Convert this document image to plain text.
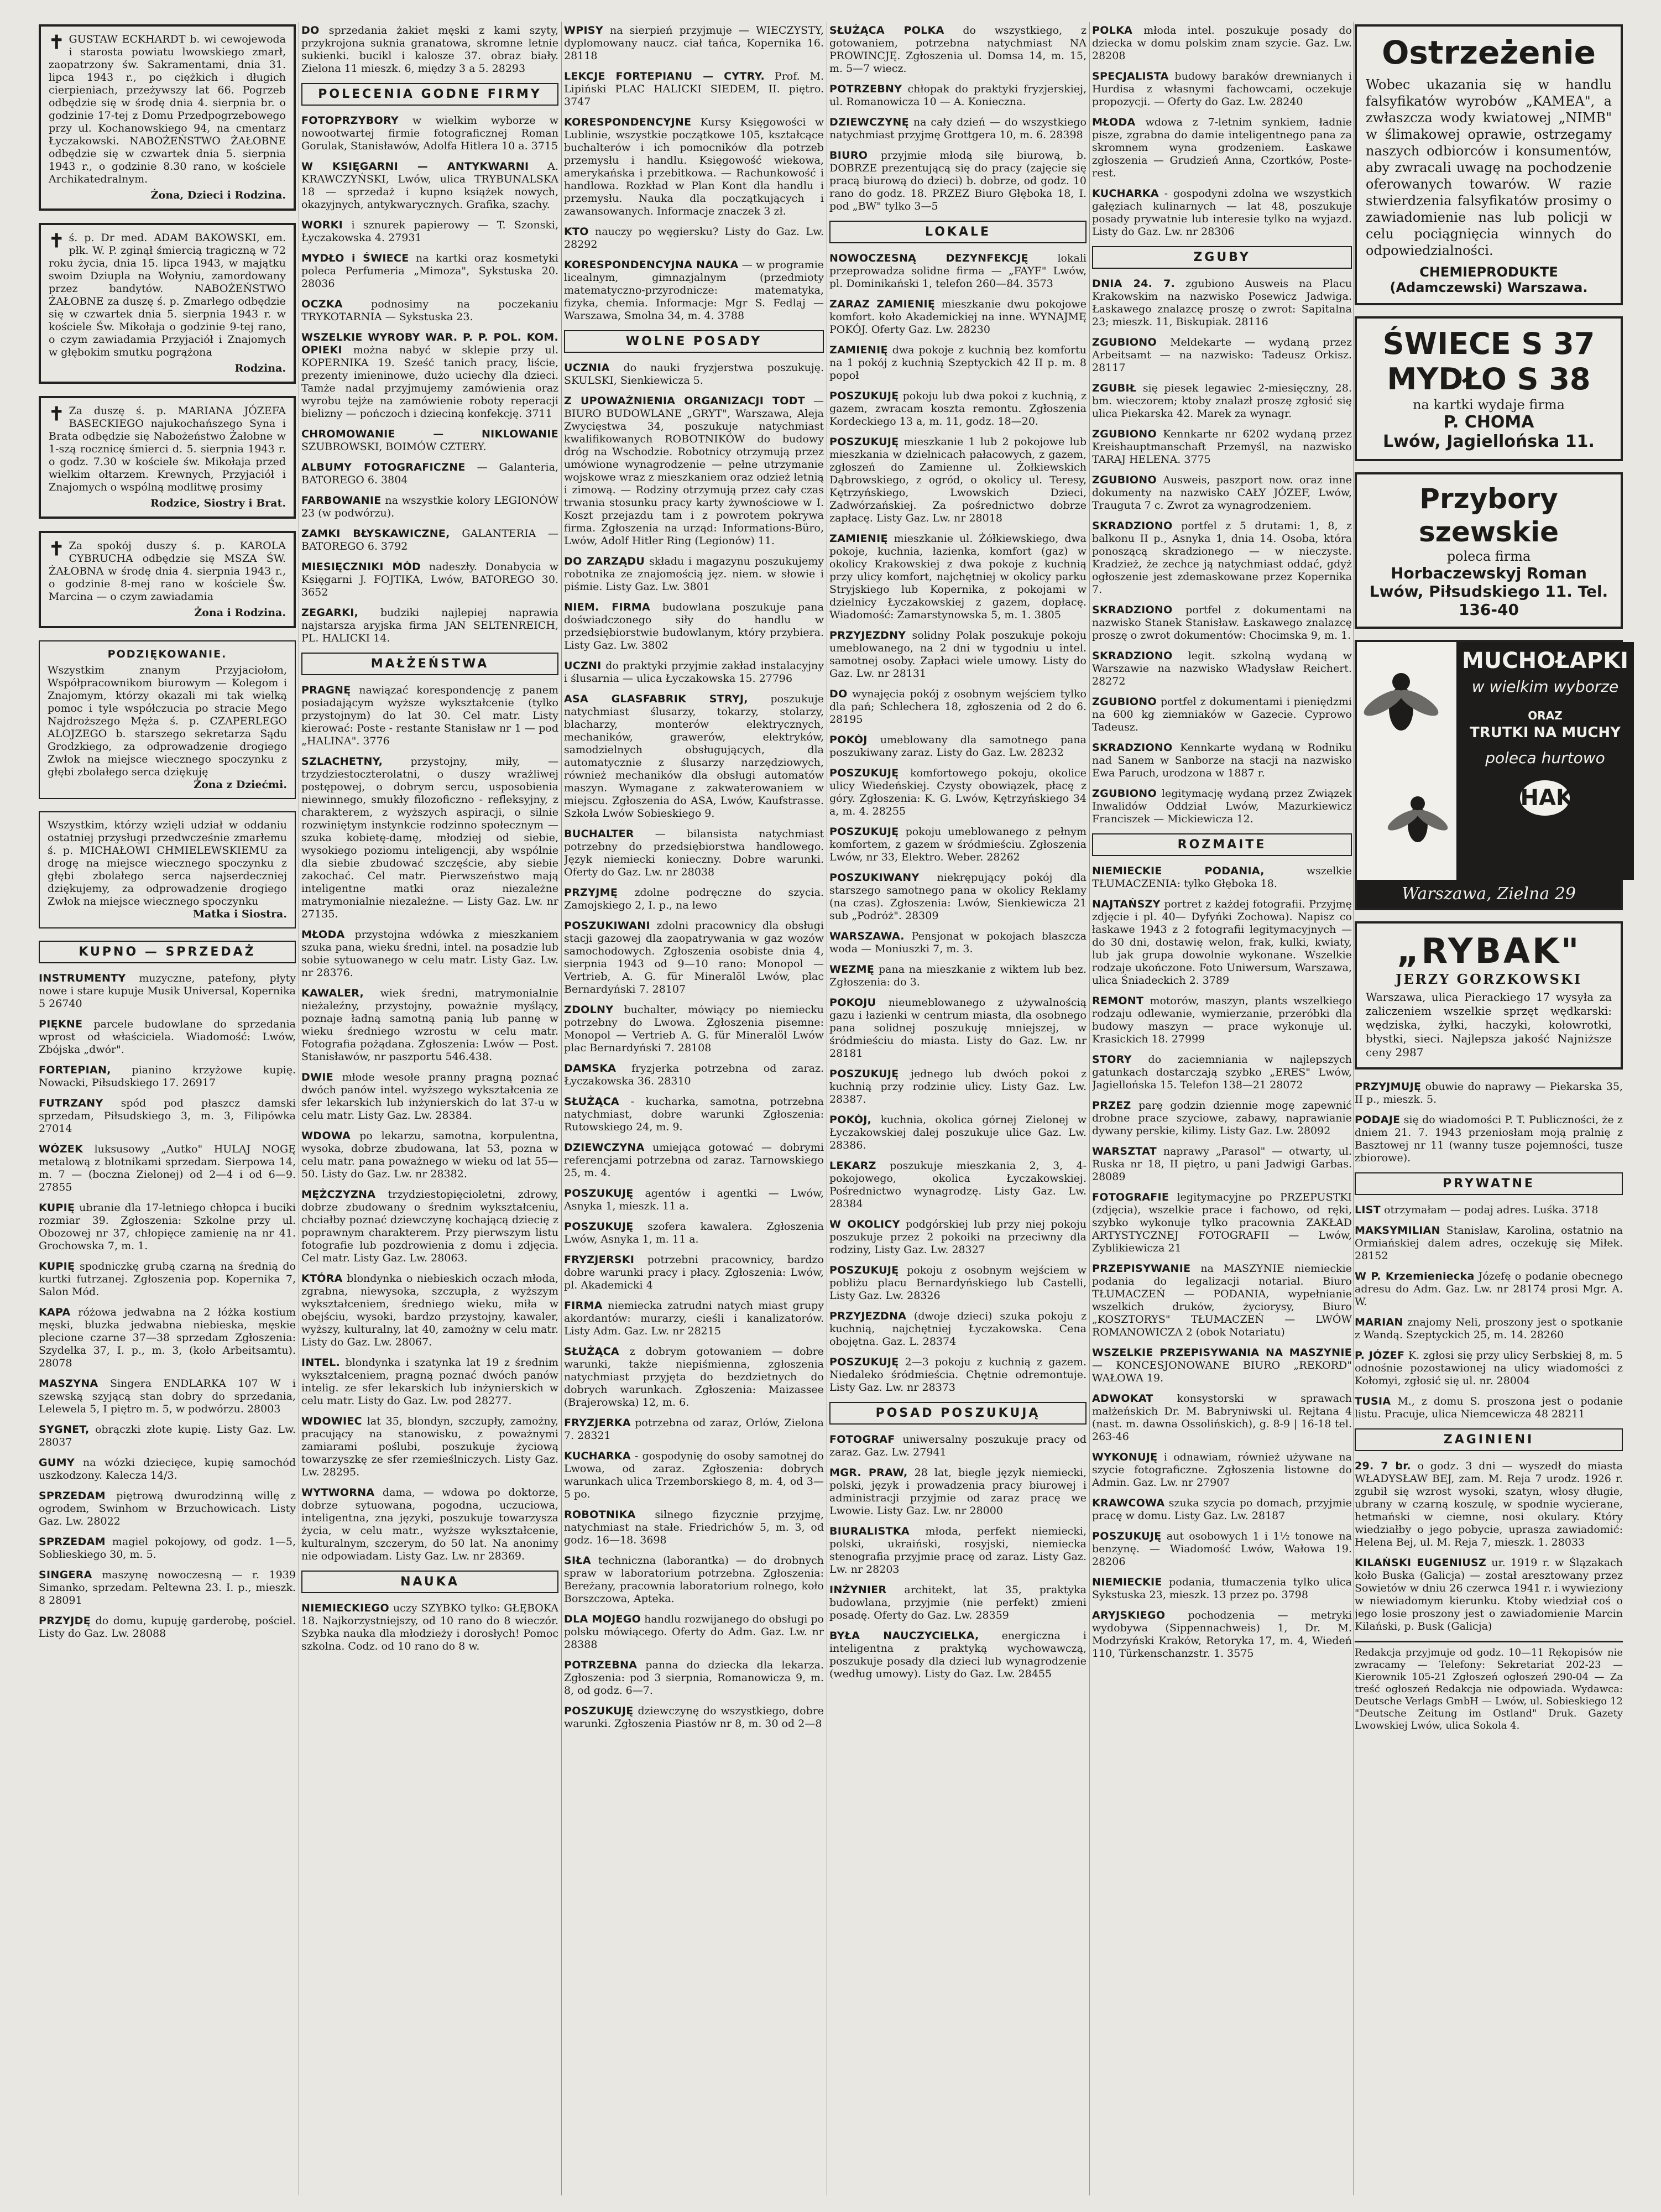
✝ GUSTAW ECKHARDT b. wi cewojewoda i starosta powiatu lwowskiego zmarł, zaopatrzony św. Sakramentami, dnia 31. lipca 1943 r., po ciężkich i długich cierpieniach, przeżywszy lat 66. Pogrzeb odbędzie się w środę dnia 4. sierpnia br. o godzinie 17-tej z Domu Przedpogrzebowego przy ul. Kochanowskiego 94, na cmentarz Łyczakowski. NABOŻEŃSTWO ŻAŁOBNE odbędzie się w czwartek dnia 5. sierpnia 1943 r., o godzinie 8.30 rano, w kościele Archikatedralnym.
Żona, Dzieci i Rodzina.
✝ ś. p. Dr med. ADAM BAKOWSKI, em. płk. W. P. zginął śmiercią tragiczną w 72 roku życia, dnia 15. lipca 1943, w majątku swoim Dziupla na Wołyniu, zamordowany przez bandytów. NABOŻEŃSTWO ŻAŁOBNE za duszę ś. p. Zmarłego odbędzie się w czwartek dnia 5. sierpnia 1943 r. w kościele Św. Mikołaja o godzinie 9-tej rano, o czym zawiadamia Przyjaciół i Znajomych w głębokim smutku pogrążona
Rodzina.
✝ Za duszę ś. p. MARIANA JÓZEFA BASECKIEGO najukochańszego Syna i Brata odbędzie się Nabożeństwo Żałobne w 1-szą rocznicę śmierci d. 5. sierpnia 1943 r. o godz. 7.30 w kościele św. Mikołaja przed wielkim ołtarzem. Krewnych, Przyjaciół i Znajomych o wspólną modlitwę prosimy
Rodzice, Siostry i Brat.
✝ Za spokój duszy ś. p. KAROLA CYBRUCHA odbędzie się MSZA ŚW. ŻAŁOBNA w środę dnia 4. sierpnia 1943 r., o godzinie 8-mej rano w kościele Św. Marcina — o czym zawiadamia
Żona i Rodzina.
PODZIĘKOWANIE.
Wszystkim znanym Przyjaciołom, Współpracownikom biurowym — Kolegom i Znajomym, którzy okazali mi tak wielką pomoc i tyle współczucia po stracie Mego Najdroższego Męża ś. p. CZAPERLEGO ALOJZEGO b. starszego sekretarza Sądu Grodzkiego, za odprowadzenie drogiego Zwłok na miejsce wiecznego spoczynku z głębi zbolałego serca dziękuję
Żona z Dziećmi.
Wszystkim, którzy wzięli udział w oddaniu ostatniej przysługi przedwcześnie zmarłemu ś. p. MICHAŁOWI CHMIELEWSKIEMU za drogę na miejsce wiecznego spoczynku z głębi zbolałego serca najserdeczniej dziękujemy, za odprowadzenie drogiego Zwłok na miejsce wiecznego spoczynku
Matka i Siostra.
KUPNO — SPRZEDAŻ
INSTRUMENTY muzyczne, patefony, płyty nowe i stare kupuje Musik Universal, Kopernika 5 26740
PIĘKNE parcele budowlane do sprzedania wprost od właściciela. Wiadomość: Lwów, Zbójska „dwór".
FORTEPIAN, pianino krzyżowe kupię. Nowacki, Piłsudskiego 17. 26917
FUTRZANY spód pod płaszcz damski sprzedam, Piłsudskiego 3, m. 3, Filipówka 27014
WÓZEK luksusowy „Autko" HULAJ NOGĘ metalową z blotnikami sprzedam. Sierpowa 14, m. 7 — (boczna Zielonej) od 2—4 i od 6—9. 27855
KUPIĘ ubranie dla 17-letniego chłopca i buciki rozmiar 39. Zgłoszenia: Szkolne przy ul. Obozowej nr 37, chłopięce zamienię na nr 41. Grochowska 7, m. 1.
KUPIĘ spodniczkę grubą czarną na średnią do kurtki futrzanej. Zgłoszenia pop. Kopernika 7, Salon Mód.
KAPA różowa jedwabna na 2 łóżka kostium męski, bluzka jedwabna niebieska, męskie plecione czarne 37—38 sprzedam Zgłoszenia: Szydelka 37, I. p., m. 3, (koło Arbeitsamtu). 28078
MASZYNA Singera ENDLARKA 107 W i szewską szyjącą stan dobry do sprzedania, Lelewela 5, I piętro m. 5, w podwórzu. 28003
SYGNET, obrączki złote kupię. Listy Gaz. Lw. 28037
GUMY na wózki dziecięce, kupię samochód uszkodzony. Kalecza 14/3.
SPRZEDAM piętrową dwurodzinną willę z ogrodem, Swinhom w Brzuchowicach. Listy Gaz. Lw. 28022
SPRZEDAM magiel pokojowy, od godz. 1—5, Soblieskiego 30, m. 5.
SINGERA maszynę nowoczesną — r. 1939 Simanko, sprzedam. Peltewna 23. I. p., mieszk. 8 28091
PRZYJDĘ do domu, kupuję garderobę, pościel. Listy do Gaz. Lw. 28088
DO sprzedania żakiet męski z kami szyty, przykrojona suknia granatowa, skromne letnie sukienki. bucikl i kalosze 37. obraz biały. Zielona 11 mieszk. 6, między 3 a 5. 28293
POLECENIA GODNE FIRMY
FOTOPRZYBORY w wielkim wyborze w nowootwartej firmie fotograficznej Roman Gorulak, Stanisławów, Adolfa Hitlera 10 a. 3715
W KSIĘGARNI — ANTYKWARNI A. KRAWCZYŃSKI, Lwów, ulica TRYBUNALSKA 18 — sprzedaż i kupno książek nowych, okazyjnych, antykwarycznych. Grafika, szachy.
WORKI i sznurek papierowy — T. Szonski, Łyczakowska 4. 27931
MYDŁO i ŚWIECE na kartki oraz kosmetyki poleca Perfumeria „Mimoza", Sykstuska 20. 28036
OCZKA	podnosimy na poczekaniu TRYKOTARNIA — Sykstuska 23.
WSZELKIE WYROBY WAR. P. P. POL. KOM. OPIEKI można nabyć w sklepie przy ul. KOPERNIKA 19. Sześć tanich pracy, liście, prezenty imieninowe, dużo uciechy dla dzieci. Tamże nadal przyjmujemy zamówienia oraz wyrobu tejże na zamówienie roboty reperacji bielizny — pończoch i dzieciną konfekcję. 3711
CHROMOWANIE — NIKLOWANIE SZUBROWSKI, BOIMÓW CZTERY.
ALBUMY FOTOGRAFICZNE — Galanteria, BATOREGO 6. 3804
FARBOWANIE na wszystkie kolory LEGIONÓW 23 (w podwórzu).
ZAMKI BŁYSKAWICZNE, GALANTERIA — BATOREGO 6. 3792
MIESIĘCZNIKI MÓD nadeszły. Donabycia w Księgarni J. FOJTIKA, Lwów, BATOREGO 30. 3652
ZEGARKI, budziki najlepiej naprawia najstarsza aryjska firma JAN SELTENREICH, PL. HALICKI 14.
MAŁŻEŃSTWA
PRAGNĘ nawiązać korespondencję z panem posiadającym wyższe wykształcenie (tylko przystojnym) do lat 30. Cel matr. Listy kierować: Poste - restante Stanisław nr 1 — pod „HALINA". 3776
SZLACHETNY,	przystojny, miły, — trzydziestoczterolatni, o duszy wrażliwej postępowej, o dobrym sercu, usposobienia niewinnego, smukły filozoficzno - refleksyjny, z charakterem, z wyższych aspiracji, o silnie rozwiniętym instynkcie rodzinno społecznym — szuka kobietę-damę, młodziej od siebie, wysokiego poziomu inteligencji, aby wspólnie dla siebie zbudować szczęście, aby siebie zakochać. Cel matr. Pierwszeństwo mają inteligentne matki oraz niezależne matrymonialnie niezależne. — Listy Gaz. Lw. nr 27135.
MŁODA przystojna wdówka z mieszkaniem szuka pana, wieku średni, intel. na posadzie lub sobie sytuowanego w celu matr. Listy Gaz. Lw. nr 28376.
KAWALER, wiek średni, matrymonialnie nieżaleźny, przystojny, poważnie myślący, poznaje ładną samotną panią lub pannę w wieku średniego wzrostu w celu matr. Fotografia pożądana. Zgłoszenia: Lwów — Post. Stanisławów, nr paszportu 546.438.
DWIE młode wesołe pranny pragną poznać dwóch panów intel. wyższego wykształcenia ze sfer lekarskich lub inżynierskich do lat 37-u w celu matr. Listy Gaz. Lw. 28384.
WDOWA po lekarzu, samotna, korpulentna, wysoka, dobrze zbudowana, lat 53, pozna w celu matr. pana poważnego w wieku od lat 55—50. Listy do Gaz. Lw. nr 28382.
MĘŻCZYZNA trzydziestopięcioletni, zdrowy, dobrze zbudowany o średnim wykształceniu, chciałby poznać dziewczynę kochającą dziecię z poprawnym charakterem. Przy pierwszym listu fotografie lub pozdrowienia z domu i zdjęcia. Cel matr. Listy Gaz. Lw. 28063.
KTÓRA blondynka o niebieskich oczach młoda, zgrabna, niewysoka, szczupła, z wyższym wykształceniem, średniego wieku, miła w obejściu, wysoki, bardzo przystojny, kawaler, wyższy, kulturalny, lat 40, zamożny w celu matr. Listy do Gaz. Lw. 28067.
INTEL. blondynka i szatynka lat 19 z średnim wykształceniem, pragną poznać dwóch panów intelig. ze sfer lekarskich lub inżynierskich w celu matr. Listy do Gaz. Lw. pod 28277.
WDOWIEC lat 35, blondyn, szczupły, zamożny, pracujący na stanowisku, z poważnymi zamiarami poślubi, poszukuje życiową towarzyszkę ze sfer rzemieślniczych. Listy Gaz. Lw. 28295.
WYTWORNA dama, — wdowa po doktorze, dobrze sytuowana, pogodna, uczuciowa, inteligentna, zna języki, poszukuje towarzysza życia, w celu matr., wyższe wykształcenie, kulturalnym, szczerym, do 50 lat. Na anonimy nie odpowiadam. Listy Gaz. Lw. nr 28369.
NAUKA
NIEMIECKIEGO uczy SZYBKO tylko: GŁĘBOKA 18. Najkorzystniejszy, od 10 rano do 8 wieczór. Szybka nauka dla młodzieży i dorosłych! Pomoc szkolna. Codz. od 10 rano do 8 w.
WPISY na sierpień przyjmuje — WIECZYSTY, dyplomowany naucz. ciał tańca, Kopernika 16. 28118
LEKCJE FORTEPIANU — CYTRY. Prof. M. Lipiński PLAC HALICKI SIEDEM, II. piętro. 3747
KORESPONDENCYJNE Kursy Księgowości w Lublinie, wszystkie początkowe 105, kształcące buchalterów i ich pomocników dla potrzeb przemysłu i handlu. Księgowość wiekowa, amerykańska i przebitkowa. — Rachunkowość i handlowa. Rozkład w Plan Kont dla handlu i przemysłu. Nauka dla początkujących i zawansowanych. Informacje znaczek 3 zł.
KTO nauczy po węgiersku? Listy do Gaz. Lw. 28292
KORESPONDENCYJNA NAUKA — w programie licealnym, gimnazjalnym (przedmioty matematyczno-przyrodnicze: matematyka, fizyka, chemia. Informacje: Mgr S. Fedlaj — Warszawa, Smolna 34, m. 4. 3788
WOLNE POSADY
UCZNIA do nauki fryzjerstwa poszukuję. SKULSKI, Sienkiewicza 5.
Z UPOWAŻNIENIA ORGANIZACJI TODT — BIURO BUDOWLANE „GRYT", Warszawa, Aleja Zwycięstwa 34, poszukuje natychmiast kwalifikowanych ROBOTNIKÓW do budowy dróg na Wschodzie. Robotnicy otrzymują przez umówione wynagrodzenie — pełne utrzymanie wojskowe wraz z mieszkaniem oraz odzież letnią i zimową. — Rodziny otrzymują przez cały czas trwania stosunku pracy karty żywnościowe w I. Koszt przejazdu tam i z powrotem pokrywa firma. Zgłoszenia na urząd: Informations-Büro, Lwów, Adolf Hitler Ring (Legionów) 11.
DO ZARZĄDU składu i magazynu poszukujemy robotnika ze znajomością jęz. niem. w słowie i piśmie. Listy Gaz. Lw. 3801
NIEM. FIRMA budowlana poszukuje pana doświadczonego siły do handlu w przedsiębiorstwie budowlanym, który przybiera. Listy Gaz. Lw. 3802
UCZNI do praktyki przyjmie zakład instalacyjny i ślusarnia — ulica Łyczakowska 15. 27796
ASA GLASFABRIK STRYJ, poszukuje natychmiast ślusarzy, tokarzy, stolarzy, blacharzy, monterów elektrycznych, mechaników, grawerów, elektryków, samodzielnych obsługujących, dla automatycznie z ślusarzy narzędziowych, również mechaników dla obsługi automatów maszyn. Wymagane z zakwaterowaniem w miejscu. Zgłoszenia do ASA, Lwów, Kaufstrasse. Szkoła Lwów Sobieskiego 9.
BUCHALTER — bilansista natychmiast potrzebny do przedsiębiorstwa handlowego. Język niemiecki konieczny. Dobre warunki. Oferty do Gaz. Lw. nr 28038
PRZYJMĘ zdolne podręczne do szycia. Zamojskiego 2, I. p., na lewo
POSZUKIWANI zdolni pracownicy dla obsługi stacji gazowej dla zaopatrywania w gaz wozów samochodowych. Zgłoszenia osobiste dnia 4, sierpnia 1943 od 9—10 rano: Monopol — Vertrieb, A. G. für Mineralöl Lwów, plac Bernardyński 7. 28107
ZDOLNY buchalter, mówiący po niemiecku potrzebny do Lwowa. Zgłoszenia pisemne: Monopol — Vertrieb A. G. für Mineralöl Lwów plac Bernardyński 7. 28108
DAMSKA fryzjerka potrzebna od zaraz. Łyczakowska 36. 28310
SŁUŻĄCA - kucharka, samotna, potrzebna natychmiast, dobre warunki Zgłoszenia: Rutowskiego 24, m. 9.
DZIEWCZYNA umiejąca gotować — dobrymi referencjami potrzebna od zaraz. Tarnowskiego 25, m. 4.
POSZUKUJĘ agentów i agentki — Lwów, Asnyka 1, mieszk. 11 a.
POSZUKUJĘ szofera kawalera. Zgłoszenia Lwów, Asnyka 1, m. 11 a.
FRYZJERSKI potrzebni pracownicy, bardzo dobre warunki pracy i płacy. Zgłoszenia: Lwów, pl. Akademicki 4
FIRMA niemiecka zatrudni natych miast grupy akordantów: murarzy, cieśli i kanalizatorów. Listy Adm. Gaz. Lw. nr 28215
SŁUŻĄCA z dobrym gotowaniem — dobre warunki, także niepiśmienna, zgłoszenia natychmiast przyjęta do bezdzietnych do dobrych warunkach. Zgłoszenia: Maizassee (Brajerowska) 12, m. 6.
FRYZJERKA potrzebna od zaraz, Orlów, Zielona 7. 28321
KUCHARKA - gospodynię do osoby samotnej do Lwowa, od zaraz. Zgłoszenia: dobrych warunkach ulica Trzemborskiego 8, m. 4, od 3—5 po.
ROBOTNIKA silnego fizycznie przyjmę, natychmiast na stałe. Friedrichów 5, m. 3, od godz. 16—18. 3698
SIŁA techniczna (laborantka) — do drobnych spraw w laboratorium potrzebna. Zgłoszenia: Bereżany, pracownia laboratorium rolnego, koło Borszczowa, Apteka.
DLA MOJEGO handlu rozwijanego do obsługi po polsku mówiącego. Oferty do Adm. Gaz. Lw. nr 28388
POTRZEBNA panna do dziecka dla lekarza. Zgłoszenia: pod 3 sierpnia, Romanowicza 9, m. 8, od godz. 6—7.
POSZUKUJĘ dziewczynę do wszystkiego, dobre warunki. Zgłoszenia Piastów nr 8, m. 30 od 2—8
SŁUŻĄCA POLKA do wszystkiego, z gotowaniem, potrzebna natychmiast NA PROWINCJĘ. Zgłoszenia ul. Domsa 14, m. 15, m. 5—7 wiecz.
POTRZEBNY chłopak do praktyki fryzjerskiej, ul. Romanowicza 10 — A. Konieczna.
DZIEWCZYNĘ na cały dzień — do wszystkiego natychmiast przyjmę Grottgera 10, m. 6. 28398
BIURO przyjmie młodą siłę biurową, b. DOBRZE prezentującą się do pracy (zajęcie się pracą biurową do dzieci) b. dobrze, od godz. 10 rano do godz. 18. PRZEZ Biuro Głęboka 18, I. pod „BW" tylko 3—5
LOKALE
NOWOCZESNĄ DEZYNFEKCJĘ	lokali przeprowadza solidne firma — „FAYF" Lwów, pl. Dominikański 1, telefon 260—84. 3573
ZARAZ ZAMIENIĘ mieszkanie dwu pokojowe komfort. koło Akademickiej na inne. WYNAJMĘ POKÓJ. Oferty Gaz. Lw. 28230
ZAMIENIĘ dwa pokoje z kuchnią bez komfortu na 1 pokój z kuchnią Szeptyckich 42 II p. m. 8 popoł
POSZUKUJĘ pokoju lub dwa pokoi z kuchnią, z gazem, zwracam koszta remontu. Zgłoszenia Kordeckiego 13 a, m. 11, godz. 18—20.
POSZUKUJĘ mieszkanie 1 lub 2 pokojowe lub mieszkania w dzielnicach pałacowych, z gazem, zgłoszeń do Zamienne ul. Żołkiewskich Dąbrowskiego, z ogród, o okolicy ul. Teresy, Kętrzyńskiego, Lwowskich Dzieci, Zadwórzańskiej. Za pośrednictwo dobrze zapłacę. Listy Gaz. Lw. nr 28018
ZAMIENIĘ mieszkanie ul. Żółkiewskiego, dwa pokoje, kuchnia, łazienka, komfort (gaz) w okolicy Krakowskiej z dwa pokoje z kuchnią przy ulicy komfort, najchętniej w okolicy parku Stryjskiego lub Kopernika, z pokojami w dzielnicy Łyczakowskiej z gazem, dopłacę. Wiadomość: Zamarstynowska 5, m. 1. 3805
PRZYJEZDNY solidny Polak poszukuje pokoju umeblowanego, na 2 dni w tygodniu u intel. samotnej osoby. Zapłaci wiele umowy. Listy do Gaz. Lw. nr 28131
DO wynajęcia pokój z osobnym wejściem tylko dla pań; Schlechera 18, zgłoszenia od 2 do 6. 28195
POKÓJ umeblowany dla samotnego pana poszukiwany zaraz. Listy do Gaz. Lw. 28232
POSZUKUJĘ komfortowego pokoju, okolice ulicy Wiedeńskiej. Czysty obowiązek, płacę z góry. Zgłoszenia: K. G. Lwów, Kętrzyńskiego 34 a, m. 4. 28255
POSZUKUJĘ pokoju umeblowanego z pełnym komfortem, z gazem w śródmieściu. Zgłoszenia Lwów, nr 33, Elektro. Weber. 28262
POSZUKIWANY niekrępujący pokój dla starszego samotnego pana w okolicy Reklamy (na czas). Zgłoszenia: Lwów, Sienkiewicza 21 sub „Podróż". 28309
WARSZAWA. Pensjonat w pokojach blaszcza woda — Moniuszki 7, m. 3.
WEZMĘ pana na mieszkanie z wiktem lub bez. Zgłoszenia: do 3.
POKOJU nieumeblowanego z używalnością gazu i łazienki w centrum miasta, dla osobnego pana solidnej poszukuję mniejszej, w śródmieściu do miasta. Listy do Gaz. Lw. nr 28181
POSZUKUJĘ jednego lub dwóch pokoi z kuchnią przy rodzinie ulicy. Listy Gaz. Lw. 28387.
POKÓJ, kuchnia, okolica górnej Zielonej w Łyczakowskiej dalej poszukuje ulice Gaz. Lw. 28386.
LEKARZ poszukuje mieszkania 2, 3, 4-pokojowego, okolica Łyczakowskiej. Pośrednictwo wynagrodzę. Listy Gaz. Lw. 28384
W OKOLICY podgórskiej lub przy niej pokoju poszukuje przez 2 pokoiki na przeciwny dla rodziny, Listy Gaz. Lw. 28327
POSZUKUJĘ pokoju z osobnym wejściem w pobliżu placu Bernardyńskiego lub Castelli, Listy Gaz. Lw. 28326
PRZYJEZDNA (dwoje dzieci) szuka pokoju z kuchnią, najchętniej Łyczakowska. Cena obojętna. Gaz. L. 28374
POSZUKUJĘ 2—3 pokoju z kuchnią z gazem. Niedaleko śródmieścia. Chętnie odremontuje. Listy Gaz. Lw. nr 28373
POSAD POSZUKUJĄ
FOTOGRAF uniwersalny poszukuje pracy od zaraz. Gaz. Lw. 27941
MGR. PRAW, 28 lat, biegle język niemiecki, polski, język i prowadzenia pracy biurowej i administracji przyjmie od zaraz pracę we Lwowie. Listy Gaz. Lw. nr 28000
BIURALISTKA młoda, perfekt niemiecki, polski, ukraiński, rosyjski, niemiecka stenografia przyjmie pracę od zaraz. Listy Gaz. Lw. nr 28203
INŻYNIER architekt, lat 35, praktyka budowlana, przyjmie (nie perfekt) zmieni posadę. Oferty do Gaz. Lw. 28359
BYŁA NAUCZYCIELKA, energiczna i inteligentna z praktyką wychowawczą, poszukuje posady dla dzieci lub wynagrodzenie (według umowy). Listy do Gaz. Lw. 28455
POLKA młoda intel. poszukuje posady do dziecka w domu polskim znam szycie. Gaz. Lw. 28208
SPECJALISTA budowy baraków drewnianych i Hurdisa z własnymi fachowcami, oczekuje propozycji. — Oferty do Gaz. Lw. 28240
MŁODA wdowa z 7-letnim synkiem, ładnie pisze, zgrabna do damie inteligentnego pana za skromnem wyna grodzeniem. Łaskawe zgłoszenia — Grudzień Anna, Czortków, Poste-rest.
KUCHARKA - gospodyni zdolna we wszystkich gałęziach kulinarnych — lat 48, poszukuje posady prywatnie lub interesie tylko na wyjazd. Listy do Gaz. Lw. nr 28306
ZGUBY
DNIA 24. 7. zgubiono Ausweis na Placu Krakowskim na nazwisko Posewicz Jadwiga. Łaskawego znalazcę proszę o zwrot: Sapitalna 23; mieszk. 11, Biskupiak. 28116
ZGUBIONO Meldekarte — wydaną przez Arbeitsamt — na nazwisko: Tadeusz Orkisz. 28117
ZGUBIŁ się piesek legawiec 2-miesięczny, 28. bm. wieczorem; ktoby znalazł proszę zgłosić się ulica Piekarska 42. Marek za wynagr.
ZGUBIONO Kennkarte nr 6202 wydaną przez Kreishauptmanschaft Przemyśl, na nazwisko TARAJ HELENA. 3775
ZGUBIONO Ausweis, paszport now. oraz inne dokumenty na nazwisko CAŁY JÓZEF, Lwów, Trauguta 7 c. Zwrot za wynagrodzeniem.
SKRADZIONO portfel z 5 drutami: 1, 8, z balkonu II p., Asnyka 1, dnia 14. Osoba, która ponoszącą skradzionego — w nieczyste. Kradzież, że zechce ją natychmiast oddać, gdyż ogłoszenie jest zdemaskowane przez Kopernika 7.
SKRADZIONO portfel z dokumentami na nazwisko Stanek Stanisław. Łaskawego znalazcę proszę o zwrot dokumentów: Chocimska 9, m. 1.
SKRADZIONO legit. szkolną wydaną w Warszawie na nazwisko Władysław Reichert. 28272
ZGUBIONO portfel z dokumentami i pieniędzmi na 600 kg ziemniaków w Gazecie. Cyprowo Tadeusz.
SKRADZIONO Kennkarte wydaną w Rodniku nad Sanem w Sanborze na stacji na nazwisko Ewa Paruch, urodzona w 1887 r.
ZGUBIONO legitymację wydaną przez Związek Inwalidów Oddział Lwów, Mazurkiewicz Franciszek — Mickiewicza 12.
ROZMAITE
NIEMIECKIE PODANIA,	wszelkie TŁUMACZENIA: tylko Głęboka 18.
NAJTAŃSZY portret z każdej fotografii. Przyjmę zdjęcie i pl. 40— Dyfyńki Zochowa). Napisz co łaskawe 1943 z 2 fotografii legitymacyjnych — do 30 dni, dostawię welon, frak, kulki, kwiaty, lub jak grupa dowolnie wykonane. Wszelkie rodzaje ukończone. Foto Uniwersum, Warszawa, ulica Śniadeckich 2. 3789
REMONT motorów, maszyn, plants wszelkiego rodzaju odlewanie, wymierzanie, przeróbki dla budowy maszyn — prace wykonuje ul. Krasickich 18. 27999
STORY do zaciemniania w najlepszych gatunkach dostarczają szybko „ERES" Lwów, Jagiellońska 15. Telefon 138—21 28072
PRZEZ parę godzin dziennie mogę zapewnić drobne prace szyciowe, zabawy, naprawianie dywany perskie, kilimy. Listy Gaz. Lw. 28092
WARSZTAT naprawy „Parasol" — otwarty, ul. Ruska nr 18, II piętro, u pani Jadwigi Garbas. 28089
FOTOGRAFIE legitymacyjne po PRZEPUSTKI (zdjęcia), wszelkie prace i fachowo, od ręki, szybko wykonuje tylko pracownia ZAKŁAD ARTYSTYCZNEJ FOTOGRAFII — Lwów, Zyblikiewicza 21
PRZEPISYWANIE na MASZYNIE niemieckie podania do legalizacji notarial. Biuro TŁUMACZEŃ — PODANIA, wypełnianie wszelkich druków, życiorysy, Biuro „KOSZTORYS" TŁUMACZEŃ — LWÓW ROMANOWICZA 2 (obok Notariatu)
WSZELKIE PRZEPISYWANIA NA MASZYNIE — KONCESJONOWANE BIURO „REKORD" WAŁOWA 19.
ADWOKAT konsystorski w sprawach małżeńskich Dr. M. Babryniwski ul. Rejtana 4 (nast. m. dawna Ossolińskich), g. 8-9 | 16-18 tel. 263-46
WYKONUJĘ i odnawiam, również używane na szycie fotograficzne. Zgłoszenia listowne do Admin. Gaz. Lw. nr 27907
KRAWCOWA szuka szycia po domach, przyjmie pracę w domu. Listy Gaz. Lw. 28187
POSZUKUJĘ aut osobowych 1 i 1½ tonowe na benzynę. — Wiadomość Lwów, Wałowa 19. 28206
NIEMIECKIE podania, tłumaczenia tylko ulica Sykstuska 23, mieszk. 13 przez po. 3798
ARYJSKIEGO pochodzenia — metryki wydobywa (Sippennachweis) 1, Dr. M. Modrzyński Kraków, Retoryka 17, m. 4, Wiedeń 110, Türkenschanzstr. 1. 3575
Ostrzeżenie
Wobec ukazania się w handlu falsyfikatów wyrobów „KAMEA", a zwłaszcza wody kwiatowej „NIMB" w ślimakowej oprawie, ostrzegamy naszych odbiorców i konsumentów, aby zwracali uwagę na pochodzenie oferowanych towarów. W razie stwierdzenia falsyfikatów prosimy o zawiadomienie nas lub policji w celu pociągnięcia winnych do odpowiedzialności.
CHEMIEPRODUKTE (Adamczewski) Warszawa.
ŚWIECE S 37
MYDŁO S 38
na kartki wydaje firma
P. CHOMA
Lwów, Jagiellońska 11.
Przybory szewskie
poleca firma
Horbaczewskyj Roman
Lwów, Piłsudskiego 11. Tel. 136-40
MUCHOŁAPKI
w wielkim wyborze
ORAZ
TRUTKI NA MUCHY
poleca hurtowo
HAK
Warszawa, Zielna 29
„RYBAK"
JERZY GORZKOWSKI
Warszawa, ulica Pierackiego 17 wysyła za zaliczeniem wszelkie sprzęt wędkarski: wędziska, żyłki, haczyki, kołowrotki, błystki, sieci. Najlepsza jakość Najniższe ceny 2987
PRZYJMUJĘ obuwie do naprawy — Piekarska 35, II p., mieszk. 5.
PODAJE się do wiadomości P. T. Publiczności, że z dniem 21. 7. 1943 przeniosłam moją pralnię z Basztowej nr 11 (wanny tusze pojemności, tusze zbiorowe).
PRYWATNE
LIST otrzymałam — podaj adres. Luśka. 3718
MAKSYMILIAN Stanisław, Karolina, ostatnio na Ormiańskiej dalem adres, oczekuję się Miłek. 28152
W P. Krzemieniecka Józefę o podanie obecnego adresu do Adm. Gaz. Lw. nr 28174 prosi Mgr. A. W.
MARIAN znajomy Neli, proszony jest o spotkanie z Wandą. Szeptyckich 25, m. 14. 28260
P. JÓZEF K. zgłosi się przy ulicy Serbskiej 8, m. 5 odnośnie pozostawionej na ulicy wiadomości z Kołomyi, zgłosić się ul. nr. 28004
TUSIA M., z domu S. proszona jest o podanie listu. Pracuje, ulica Niemcewicza 48 28211
ZAGINIENI
29. 7 br. o godz. 3 dni — wyszedł do miasta WŁADYSŁAW BEJ, zam. M. Reja 7 urodz. 1926 r. zgubił się wzrost wysoki, szatyn, włosy długie, ubrany w czarną koszulę, w spodnie wycierane, hetmański w ciemne, nosi okulary. Który wiedziałby o jego pobycie, uprasza zawiadomić: Helena Bej, ul. M. Reja 7, mieszk. 1. 28033
KILAŃSKI EUGENIUSZ ur. 1919 r. w Ślązakach koło Buska (Galicja) — został aresztowany przez Sowietów w dniu 26 czerwca 1941 r. i wywieziony w niewiadomym kierunku. Ktoby wiedział coś o jego losie proszony jest o zawiadomienie Marcin Kilański, p. Busk (Galicja)
Redakcja przyjmuje od godz. 10—11 Rękopisów nie zwracamy — Telefony: Sekretariat 202-23 — Kierownik 105-21 Zgłoszeń ogłoszeń 290-04 — Za treść ogłoszeń Redakcja nie odpowiada. Wydawca: Deutsche Verlags GmbH — Lwów, ul. Sobieskiego 12 "Deutsche Zeitung im Ostland" Druk. Gazety Lwowskiej Lwów, ulica Sokola 4.
